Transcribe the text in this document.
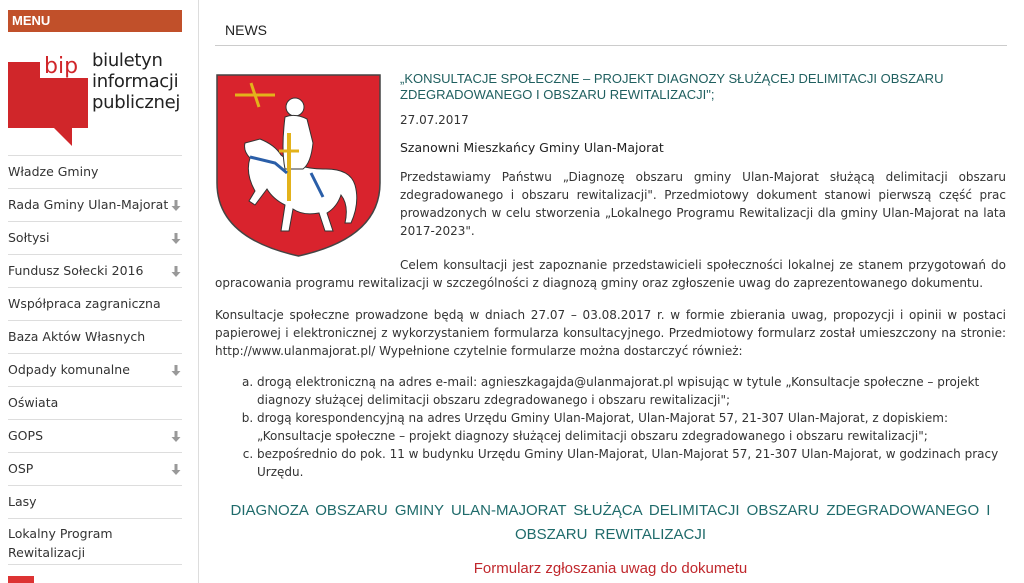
MENU
bip biuletyn
informacji
publicznej
Władze Gminy
Rada Gminy Ulan-Majorat
Sołtysi
Fundusz Sołecki 2016
Współpraca zagraniczna
Baza Aktów Własnych
Odpady komunalne
Oświata
GOPS
OSP
Lasy
Lokalny Program Rewitalizacji
NEWS
„KONSULTACJE SPOŁECZNE – PROJEKT DIAGNOZY SŁUŻĄCEJ DELIMITACJI OBSZARU ZDEGRADOWANEGO I OBSZARU REWITALIZACJI";
27.07.2017
Szanowni Mieszkańcy Gminy Ulan-Majorat
Przedstawiamy Państwu „Diagnozę obszaru gminy Ulan-Majorat służącą delimitacji obszaru zdegradowanego i obszaru rewitalizacji". Przedmiotowy dokument stanowi pierwszą część prac prowadzonych w celu stworzenia „Lokalnego Programu Rewitalizacji dla gminy Ulan-Majorat na lata 2017-2023".
Celem konsultacji jest zapoznanie przedstawicieli społeczności lokalnej ze stanem przygotowań do opracowania programu rewitalizacji w szczególności z diagnozą gminy oraz zgłoszenie uwag do zaprezentowanego dokumentu.
Konsultacje społeczne prowadzone będą w dniach 27.07 – 03.08.2017 r. w formie zbierania uwag, propozycji i opinii w postaci papierowej i elektronicznej z wykorzystaniem formularza konsultacyjnego. Przedmiotowy formularz został umieszczony na stronie: http://www.ulanmajorat.pl/ Wypełnione czytelnie formularze można dostarczyć również:
a. drogą elektroniczną na adres e-mail: agnieszkagajda@ulanmajorat.pl wpisując w tytule „Konsultacje społeczne – projekt diagnozy służącej delimitacji obszaru zdegradowanego i obszaru rewitalizacji";
b. drogą korespondencyjną na adres Urzędu Gminy Ulan-Majorat, Ulan-Majorat 57, 21-307 Ulan-Majorat, z dopiskiem: „Konsultacje społeczne – projekt diagnozy służącej delimitacji obszaru zdegradowanego i obszaru rewitalizacji";
c. bezpośrednio do pok. 11 w budynku Urzędu Gminy Ulan-Majorat, Ulan-Majorat 57, 21-307 Ulan-Majorat, w godzinach pracy Urzędu.
DIAGNOZA OBSZARU GMINY ULAN-MAJORAT SŁUŻĄCA DELIMITACJI OBSZARU ZDEGRADOWANEGO I OBSZARU REWITALIZACJI
Formularz zgłoszania uwag do dokumetu
